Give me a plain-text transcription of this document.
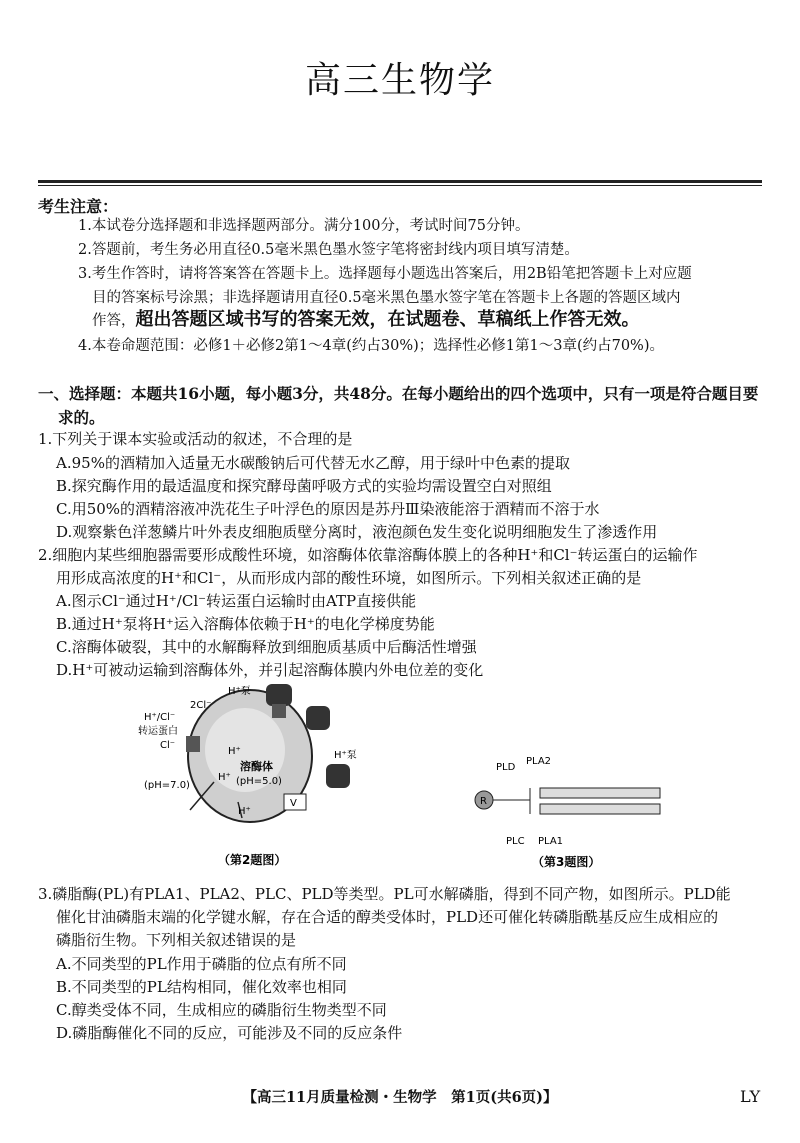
高三生物学
考生注意：
1.本试卷分选择题和非选择题两部分。满分100分，考试时间75分钟。
2.答题前，考生务必用直径0.5毫米黑色墨水签字笔将密封线内项目填写清楚。
3.考生作答时，请将答案答在答题卡上。选择题每小题选出答案后，用2B铅笔把答题卡上对应题
目的答案标号涂黑；非选择题请用直径0.5毫米黑色墨水签字笔在答题卡上各题的答题区域内
作答，超出答题区域书写的答案无效，在试题卷、草稿纸上作答无效。
4.本卷命题范围：必修1＋必修2第1～4章(约占30%)；选择性必修1第1～3章(约占70%)。
一、选择题：本题共16小题，每小题3分，共48分。在每小题给出的四个选项中，只有一项是符合题目要
求的。
1.下列关于课本实验或活动的叙述，不合理的是
A.95%的酒精加入适量无水碳酸钠后可代替无水乙醇，用于绿叶中色素的提取
B.探究酶作用的最适温度和探究酵母菌呼吸方式的实验均需设置空白对照组
C.用50%的酒精溶液冲洗花生子叶浮色的原因是苏丹Ⅲ染液能溶于酒精而不溶于水
D.观察紫色洋葱鳞片叶外表皮细胞质壁分离时，液泡颜色发生变化说明细胞发生了渗透作用
2.细胞内某些细胞器需要形成酸性环境，如溶酶体依靠溶酶体膜上的各种H⁺和Cl⁻转运蛋白的运输作
用形成高浓度的H⁺和Cl⁻，从而形成内部的酸性环境，如图所示。下列相关叙述正确的是
A.图示Cl⁻通过H⁺/Cl⁻转运蛋白运输时由ATP直接供能
B.通过H⁺泵将H⁺运入溶酶体依赖于H⁺的电化学梯度势能
C.溶酶体破裂，其中的水解酶释放到细胞质基质中后酶活性增强
D.H⁺可被动运输到溶酶体外，并引起溶酶体膜内外电位差的变化
H⁺泵
H⁺泵
2Cl⁻
H⁺/Cl⁻
转运蛋白
Cl⁻
H⁺
溶酶体
(pH=5.0)
(pH=7.0)
H⁺
H⁺
V
（第2题图）
PLD
PLA2
PLC PLA1
R
（第3题图）
3.磷脂酶(PL)有PLA1、PLA2、PLC、PLD等类型。PL可水解磷脂，得到不同产物，如图所示。PLD能
催化甘油磷脂末端的化学键水解，存在合适的醇类受体时，PLD还可催化转磷脂酰基反应生成相应的
磷脂衍生物。下列相关叙述错误的是
A.不同类型的PL作用于磷脂的位点有所不同
B.不同类型的PL结构相同，催化效率也相同
C.醇类受体不同，生成相应的磷脂衍生物类型不同
D.磷脂酶催化不同的反应，可能涉及不同的反应条件
【高三11月质量检测・生物学　第1页(共6页)】	LY
